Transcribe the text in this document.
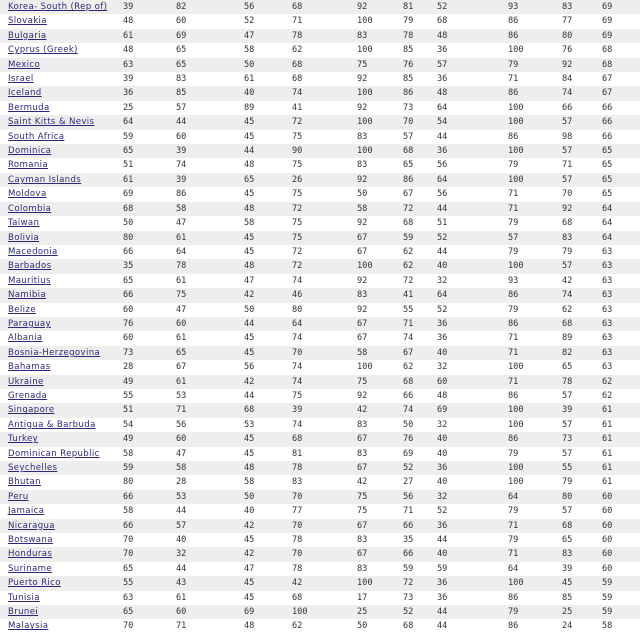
Korea- South (Rep of)	39	82	56	68	92	81	52	93	83	69
Slovakia	48	60	52	71	100	79	68	86	77	69
Bulgaria	61	69	47	78	83	78	48	86	80	69
Cyprus (Greek)	48	65	58	62	100	85	36	100	76	68
Mexico	63	65	50	68	75	76	57	79	92	68
Israel	39	83	61	68	92	85	36	71	84	67
Iceland	36	85	40	74	100	86	48	86	74	67
Bermuda	25	57	89	41	92	73	64	100	66	66
Saint Kitts & Nevis	64	44	45	72	100	70	54	100	57	66
South Africa	59	60	45	75	83	57	44	86	98	66
Dominica	65	39	44	90	100	68	36	100	57	65
Romania	51	74	48	75	83	65	56	79	71	65
Cayman Islands	61	39	65	26	92	86	64	100	57	65
Moldova	69	86	45	75	50	67	56	71	70	65
Colombia	68	58	48	72	58	72	44	71	92	64
Taiwan	50	47	58	75	92	68	51	79	68	64
Bolivia	80	61	45	75	67	59	52	57	83	64
Macedonia	66	64	45	72	67	62	44	79	79	63
Barbados	35	78	48	72	100	62	40	100	57	63
Mauritius	65	61	47	74	92	72	32	93	42	63
Namibia	66	75	42	46	83	41	64	86	74	63
Belize	60	47	50	80	92	55	52	79	62	63
Paraguay	76	60	44	64	67	71	36	86	68	63
Albania	60	61	45	74	67	74	36	71	89	63
Bosnia-Herzegovina	73	65	45	70	58	67	40	71	82	63
Bahamas	28	67	56	74	100	62	32	100	65	63
Ukraine	49	61	42	74	75	68	60	71	78	62
Grenada	55	53	44	75	92	66	48	86	57	62
Singapore	51	71	68	39	42	74	69	100	39	61
Antigua & Barbuda	54	56	53	74	83	50	32	100	57	61
Turkey	49	60	45	68	67	76	40	86	73	61
Dominican Republic	58	47	45	81	83	69	40	79	57	61
Seychelles	59	58	48	78	67	52	36	100	55	61
Bhutan	80	28	58	83	42	27	40	100	79	61
Peru	66	53	50	70	75	56	32	64	80	60
Jamaica	58	44	40	77	75	71	52	79	57	60
Nicaragua	66	57	42	70	67	66	36	71	68	60
Botswana	70	40	45	78	83	35	44	79	65	60
Honduras	70	32	42	70	67	66	40	71	83	60
Suriname	65	44	47	78	83	59	59	64	39	60
Puerto Rico	55	43	45	42	100	72	36	100	45	59
Tunisia	63	61	45	68	17	73	36	86	85	59
Brunei	65	60	69	100	25	52	44	79	25	59
Malaysia	70	71	48	62	50	68	44	86	24	58
